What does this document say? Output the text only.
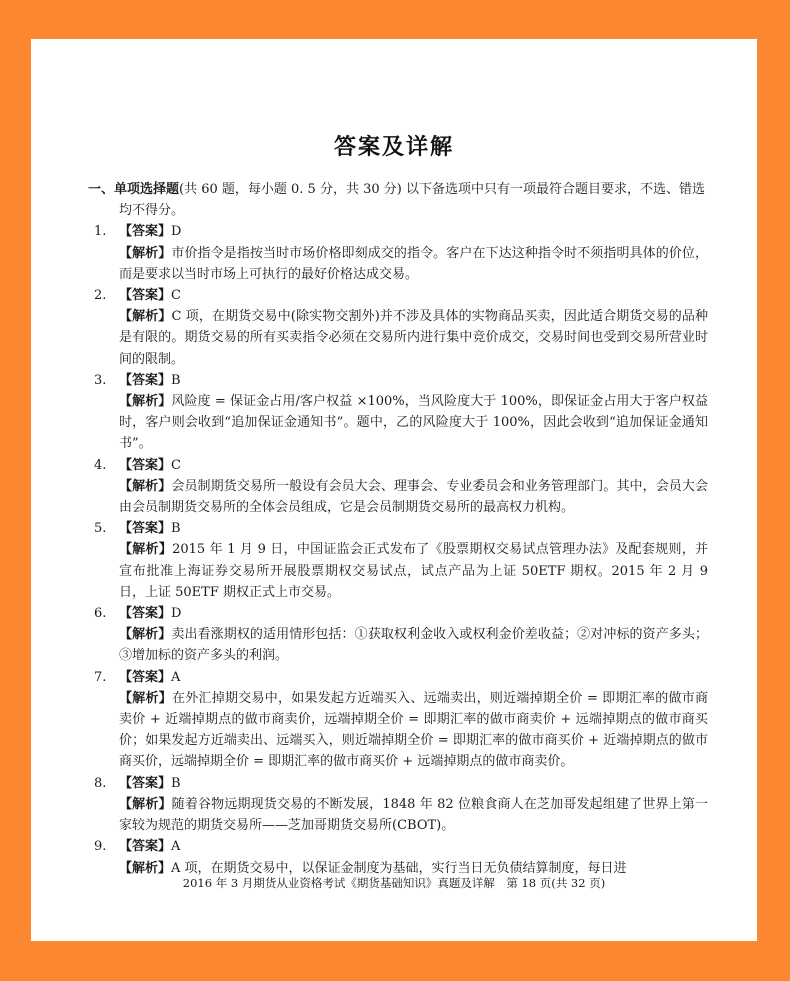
答案及详解
一、单项选择题(共 60 题，每小题 0. 5 分，共 30 分) 以下备选项中只有一项最符合题目要求，不选、错选均不得分。
1. 【答案】D
【解析】市价指令是指按当时市场价格即刻成交的指令。客户在下达这种指令时不须指明具体的价位，而是要求以当时市场上可执行的最好价格达成交易。
2. 【答案】C
【解析】C 项，在期货交易中(除实物交割外)并不涉及具体的实物商品买卖，因此适合期货交易的品种是有限的。期货交易的所有买卖指令必须在交易所内进行集中竞价成交，交易时间也受到交易所营业时间的限制。
3. 【答案】B
【解析】风险度 = 保证金占用/客户权益 ×100%，当风险度大于 100%，即保证金占用大于客户权益时，客户则会收到“追加保证金通知书”。题中，乙的风险度大于 100%，因此会收到“追加保证金通知书”。
4. 【答案】C
【解析】会员制期货交易所一般设有会员大会、理事会、专业委员会和业务管理部门。其中，会员大会由会员制期货交易所的全体会员组成，它是会员制期货交易所的最高权力机构。
5. 【答案】B
【解析】2015 年 1 月 9 日，中国证监会正式发布了《股票期权交易试点管理办法》及配套规则，并宣布批准上海证券交易所开展股票期权交易试点，试点产品为上证 50ETF 期权。2015 年 2 月 9 日，上证 50ETF 期权正式上市交易。
6. 【答案】D
【解析】卖出看涨期权的适用情形包括：①获取权利金收入或权利金价差收益；②对冲标的资产多头；③增加标的资产多头的利润。
7. 【答案】A
【解析】在外汇掉期交易中，如果发起方近端买入、远端卖出，则近端掉期全价 = 即期汇率的做市商卖价 + 近端掉期点的做市商卖价，远端掉期全价 = 即期汇率的做市商卖价 + 远端掉期点的做市商买价；如果发起方近端卖出、远端买入，则近端掉期全价 = 即期汇率的做市商买价 + 近端掉期点的做市商买价，远端掉期全价 = 即期汇率的做市商买价 + 远端掉期点的做市商卖价。
8. 【答案】B
【解析】随着谷物远期现货交易的不断发展，1848 年 82 位粮食商人在芝加哥发起组建了世界上第一家较为规范的期货交易所——芝加哥期货交易所(CBOT)。
9. 【答案】A
【解析】A 项，在期货交易中，以保证金制度为基础，实行当日无负债结算制度，每日进
2016 年 3 月期货从业资格考试《期货基础知识》真题及详解　第 18 页(共 32 页)
